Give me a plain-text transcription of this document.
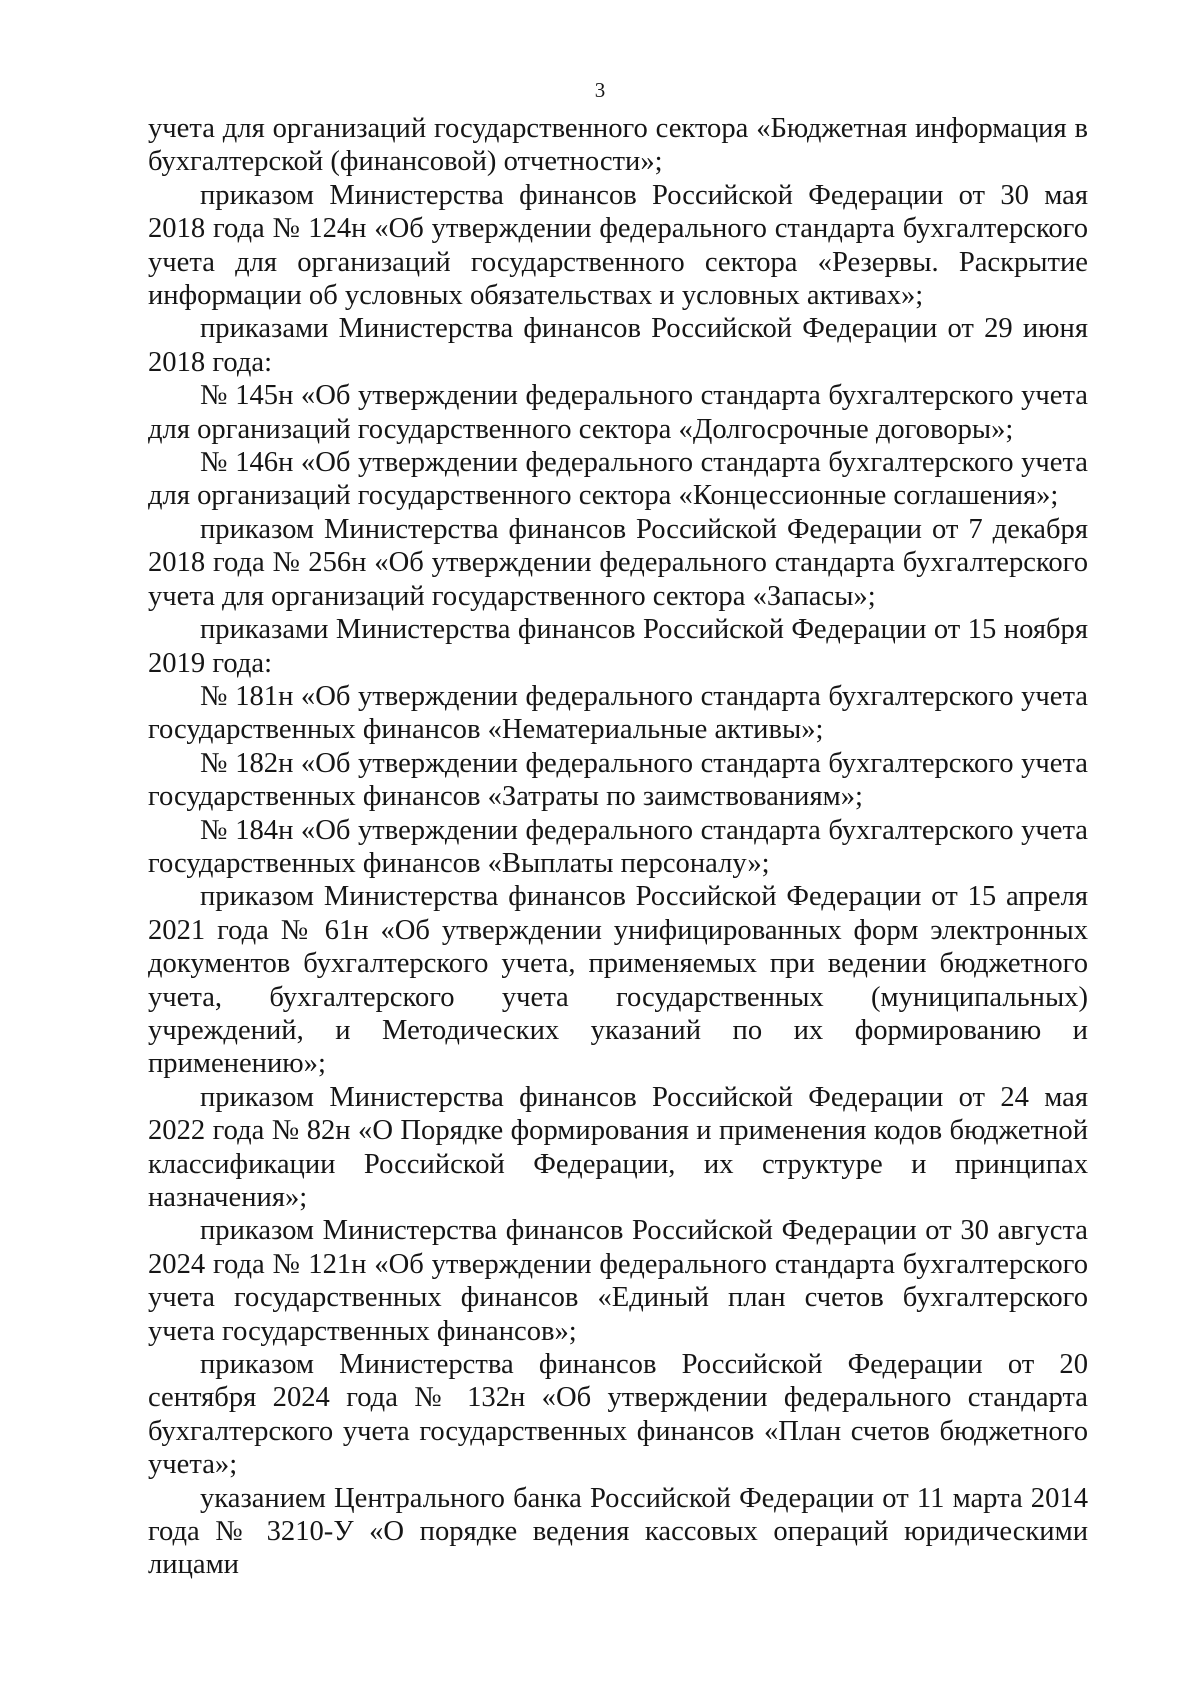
3

учета для организаций государственного сектора «Бюджетная информация в бухгалтерской (финансовой) отчетности»;

приказом Министерства финансов Российской Федерации от 30 мая 2018 года № 124н «Об утверждении федерального стандарта бухгалтерского учета для организаций государственного сектора «Резервы. Раскрытие информации об условных обязательствах и условных активах»;

приказами Министерства финансов Российской Федерации от 29 июня 2018 года:

№ 145н «Об утверждении федерального стандарта бухгалтерского учета для организаций государственного сектора «Долгосрочные договоры»;

№ 146н «Об утверждении федерального стандарта бухгалтерского учета для организаций государственного сектора «Концессионные соглашения»;

приказом Министерства финансов Российской Федерации от 7 декабря 2018 года № 256н «Об утверждении федерального стандарта бухгалтерского учета для организаций государственного сектора «Запасы»;

приказами Министерства финансов Российской Федерации от 15 ноября 2019 года:

№ 181н «Об утверждении федерального стандарта бухгалтерского учета государственных финансов «Нематериальные активы»;

№ 182н «Об утверждении федерального стандарта бухгалтерского учета государственных финансов «Затраты по заимствованиям»;

№ 184н «Об утверждении федерального стандарта бухгалтерского учета государственных финансов «Выплаты персоналу»;

приказом Министерства финансов Российской Федерации от 15 апреля 2021 года № 61н «Об утверждении унифицированных форм электронных документов бухгалтерского учета, применяемых при ведении бюджетного учета, бухгалтерского учета государственных (муниципальных) учреждений, и Методических указаний по их формированию и применению»;

приказом Министерства финансов Российской Федерации от 24 мая 2022 года № 82н «О Порядке формирования и применения кодов бюджетной классификации Российской Федерации, их структуре и принципах назначения»;

приказом Министерства финансов Российской Федерации от 30 августа 2024 года № 121н «Об утверждении федерального стандарта бухгалтерского учета государственных финансов «Единый план счетов бухгалтерского учета государственных финансов»;

приказом Министерства финансов Российской Федерации от 20 сентября 2024 года № 132н «Об утверждении федерального стандарта бухгалтерского учета государственных финансов «План счетов бюджетного учета»;

указанием Центрального банка Российской Федерации от 11 марта 2014 года № 3210-У «О порядке ведения кассовых операций юридическими лицами
